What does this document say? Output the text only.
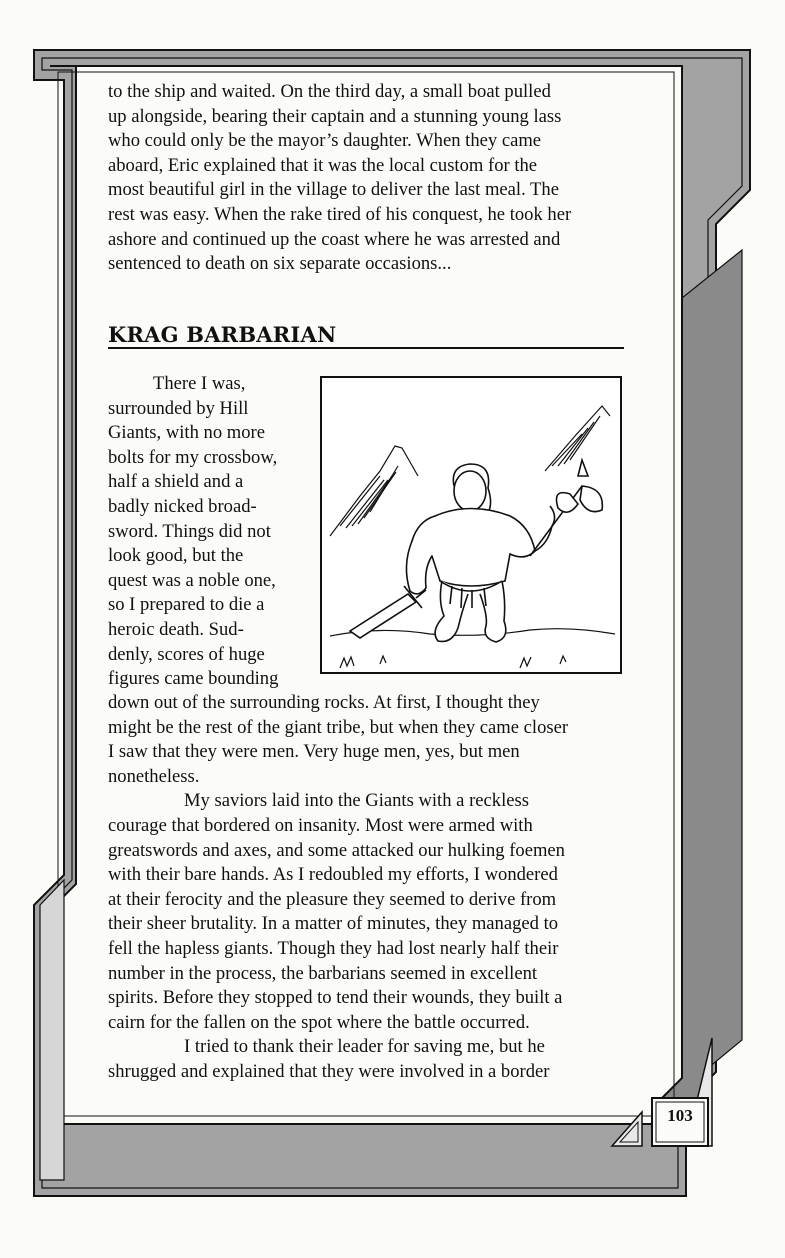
to the ship and waited. On the third day, a small boat pulled
up alongside, bearing their captain and a stunning young lass
who could only be the mayor’s daughter. When they came
aboard, Eric explained that it was the local custom for the
most beautiful girl in the village to deliver the last meal. The
rest was easy. When the rake tired of his conquest, he took her
ashore and continued up the coast where he was arrested and
sentenced to death on six separate occasions...
KRAG BARBARIAN
There I was,
surrounded by Hill
Giants, with no more
bolts for my crossbow,
half a shield and a
badly nicked broad-
sword. Things did not
look good, but the
quest was a noble one,
so I prepared to die a
heroic death. Sud-
denly, scores of huge
figures came bounding
down out of the surrounding rocks. At first, I thought they
might be the rest of the giant tribe, but when they came closer
I saw that they were men. Very huge men, yes, but men
nonetheless.
My saviors laid into the Giants with a reckless
courage that bordered on insanity. Most were armed with
greatswords and axes, and some attacked our hulking foemen
with their bare hands. As I redoubled my efforts, I wondered
at their ferocity and the pleasure they seemed to derive from
their sheer brutality. In a matter of minutes, they managed to
fell the hapless giants. Though they had lost nearly half their
number in the process, the barbarians seemed in excellent
spirits. Before they stopped to tend their wounds, they built a
cairn for the fallen on the spot where the battle occurred.
I tried to thank their leader for saving me, but he
shrugged and explained that they were involved in a border
103
